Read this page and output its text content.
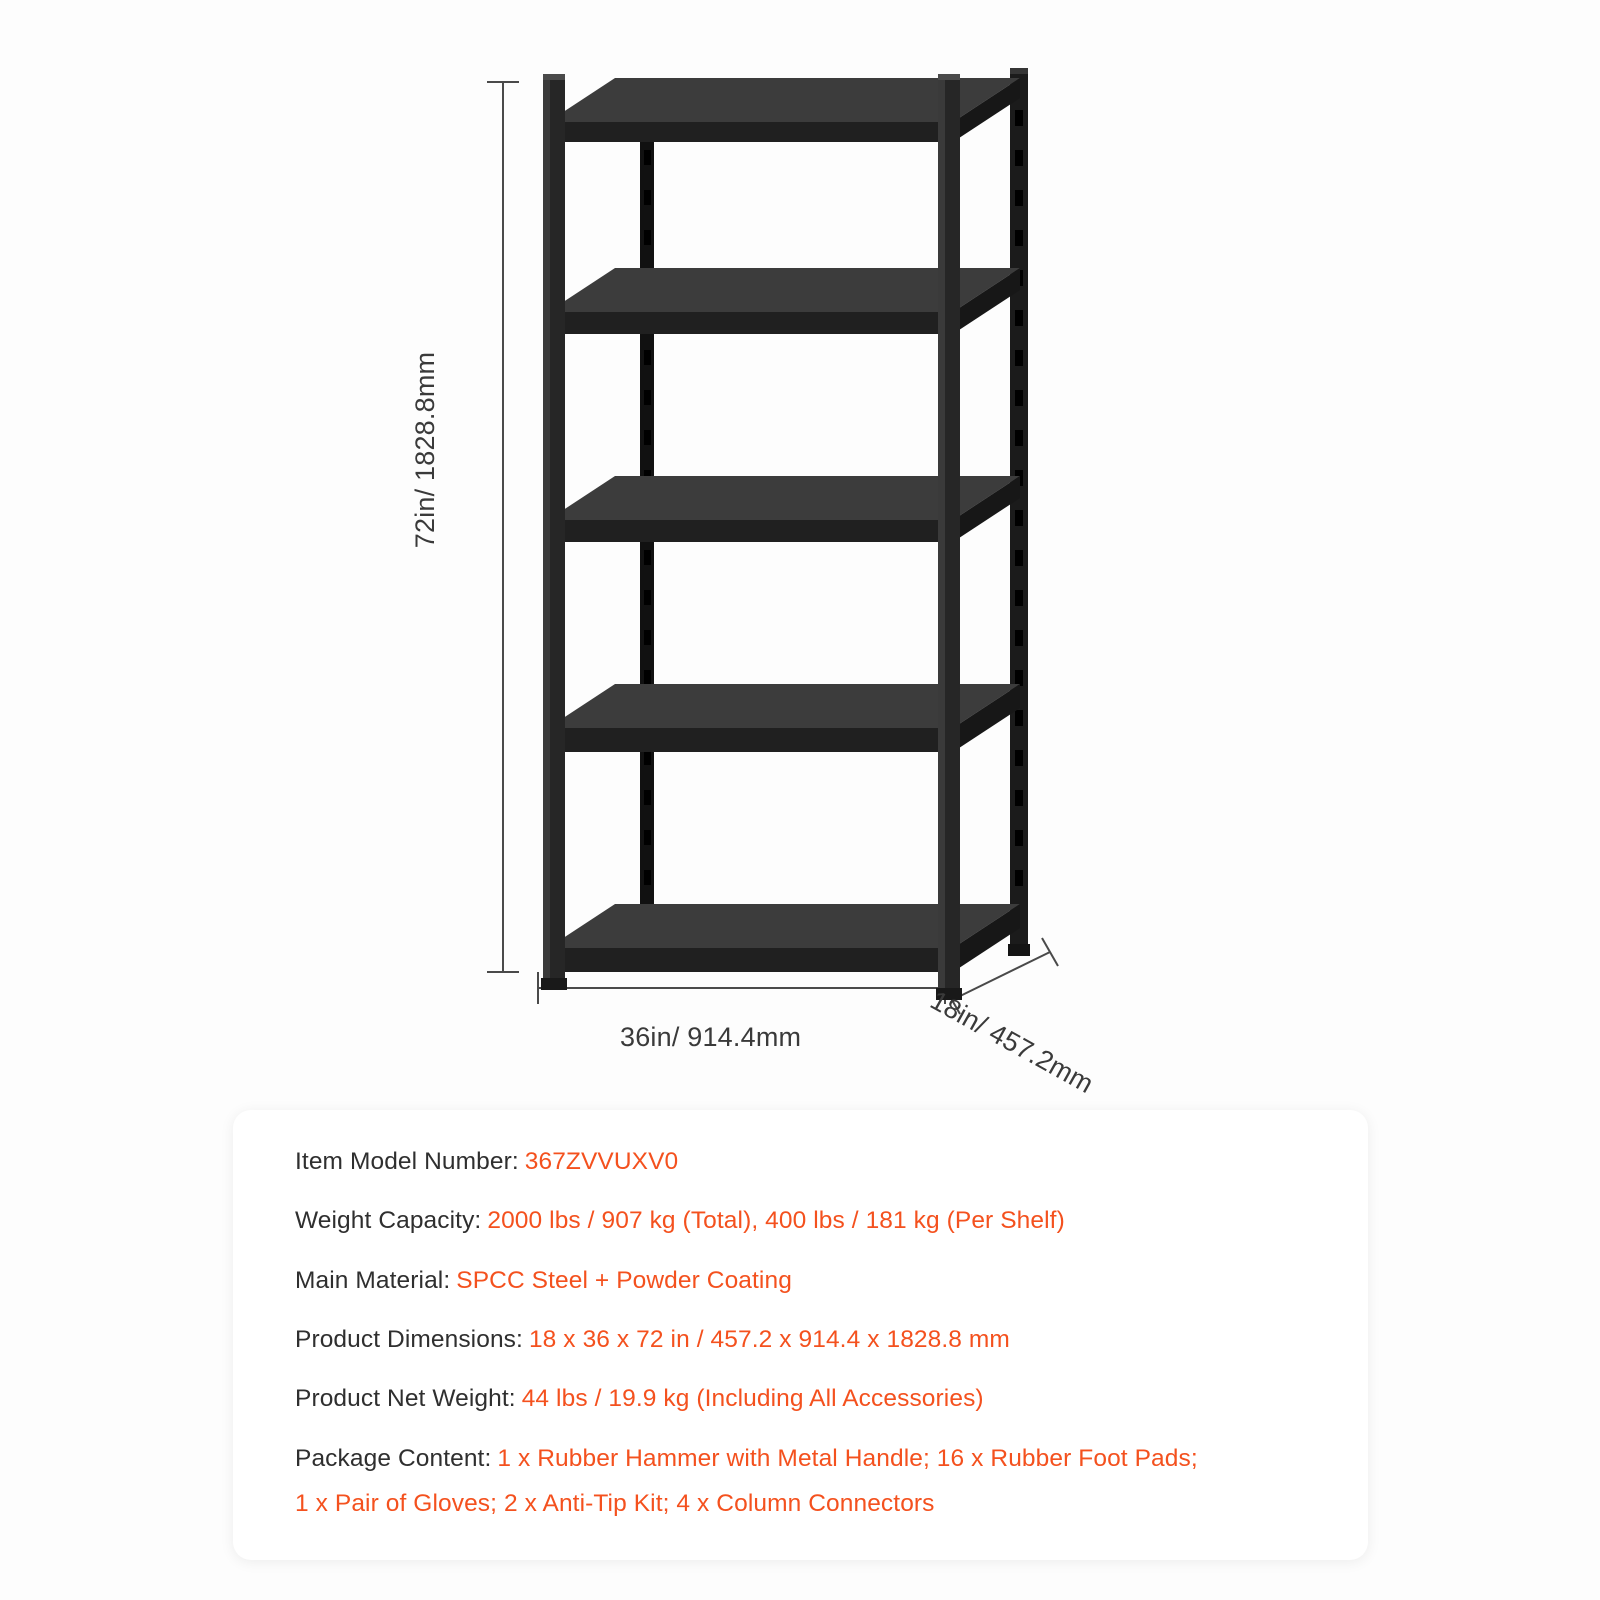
72in/ 1828.8mm
36in/ 914.4mm	18in/ 457.2mm
Item Model Number: 367ZVVUXV0
Weight Capacity: 2000 lbs / 907 kg (Total), 400 lbs / 181 kg (Per Shelf)
Main Material: SPCC Steel + Powder Coating
Product Dimensions: 18 x 36 x 72 in / 457.2 x 914.4 x 1828.8 mm
Product Net Weight: 44 lbs / 19.9 kg (Including All Accessories)
Package Content: 1 x Rubber Hammer with Metal Handle; 16 x Rubber Foot Pads;
1 x Pair of Gloves; 2 x Anti-Tip Kit; 4 x Column Connectors
